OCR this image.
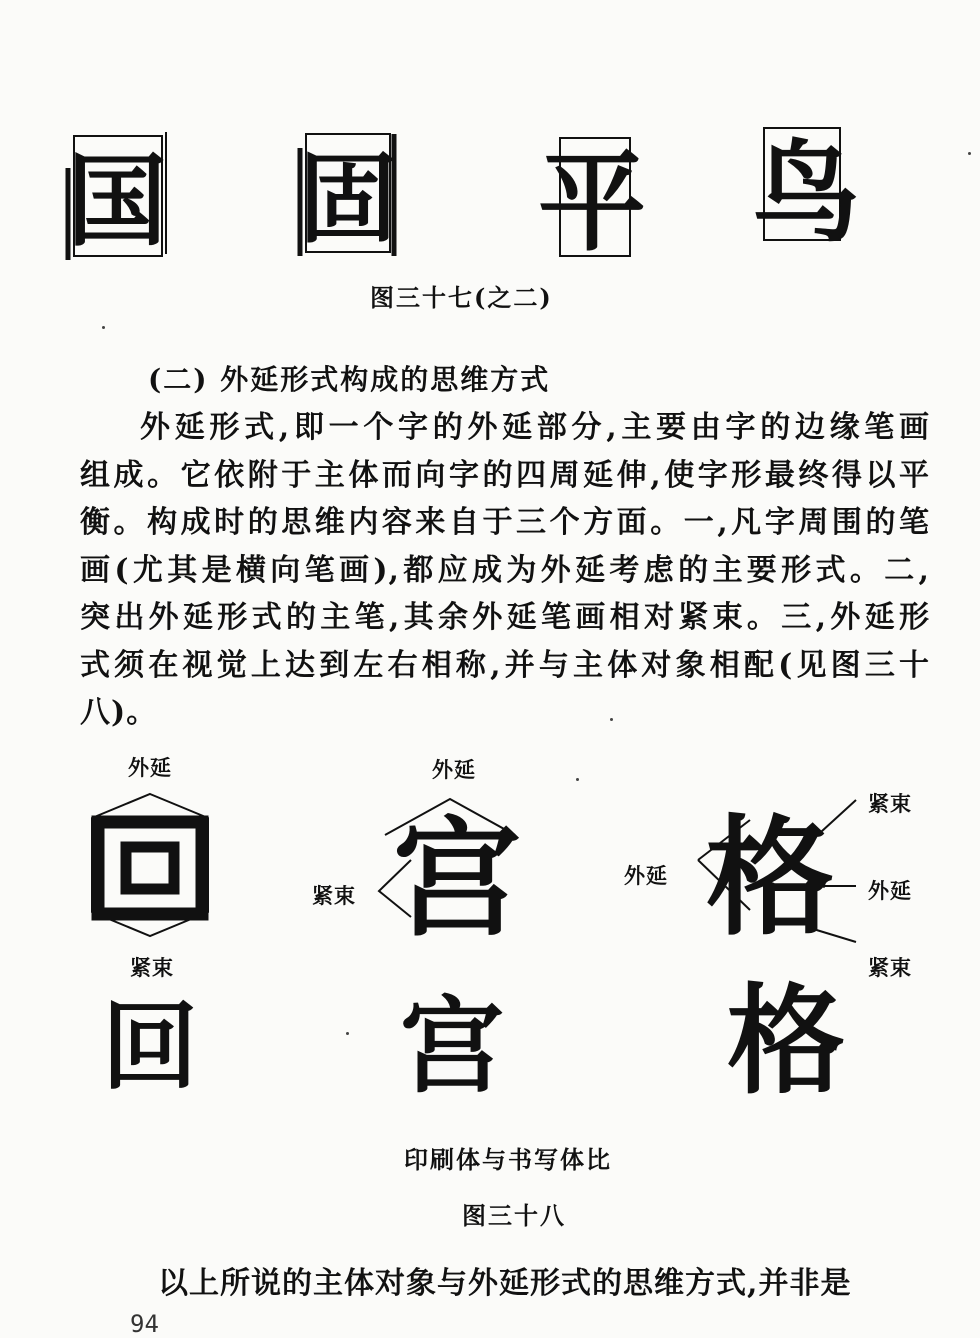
国 固 平 鸟
图三十七(之二)
(二) 外延形式构成的思维方式
外延形式,即一个字的外延部分,主要由字的边缘笔画
组成。它依附于主体而向字的四周延伸,使字形最终得以平
衡。构成时的思维内容来自于三个方面。一,凡字周围的笔
画(尤其是横向笔画),都应成为外延考虑的主要形式。二,
突出外延形式的主笔,其余外延笔画相对紧束。三,外延形
式须在视觉上达到左右相称,并与主体对象相配(见图三十
八)。
外延
紧束
外延
宫
紧束
外延 格
紧束
外延
紧束
回 宫 格
印刷体与书写体比
图三十八
以上所说的主体对象与外延形式的思维方式,并非是
94
